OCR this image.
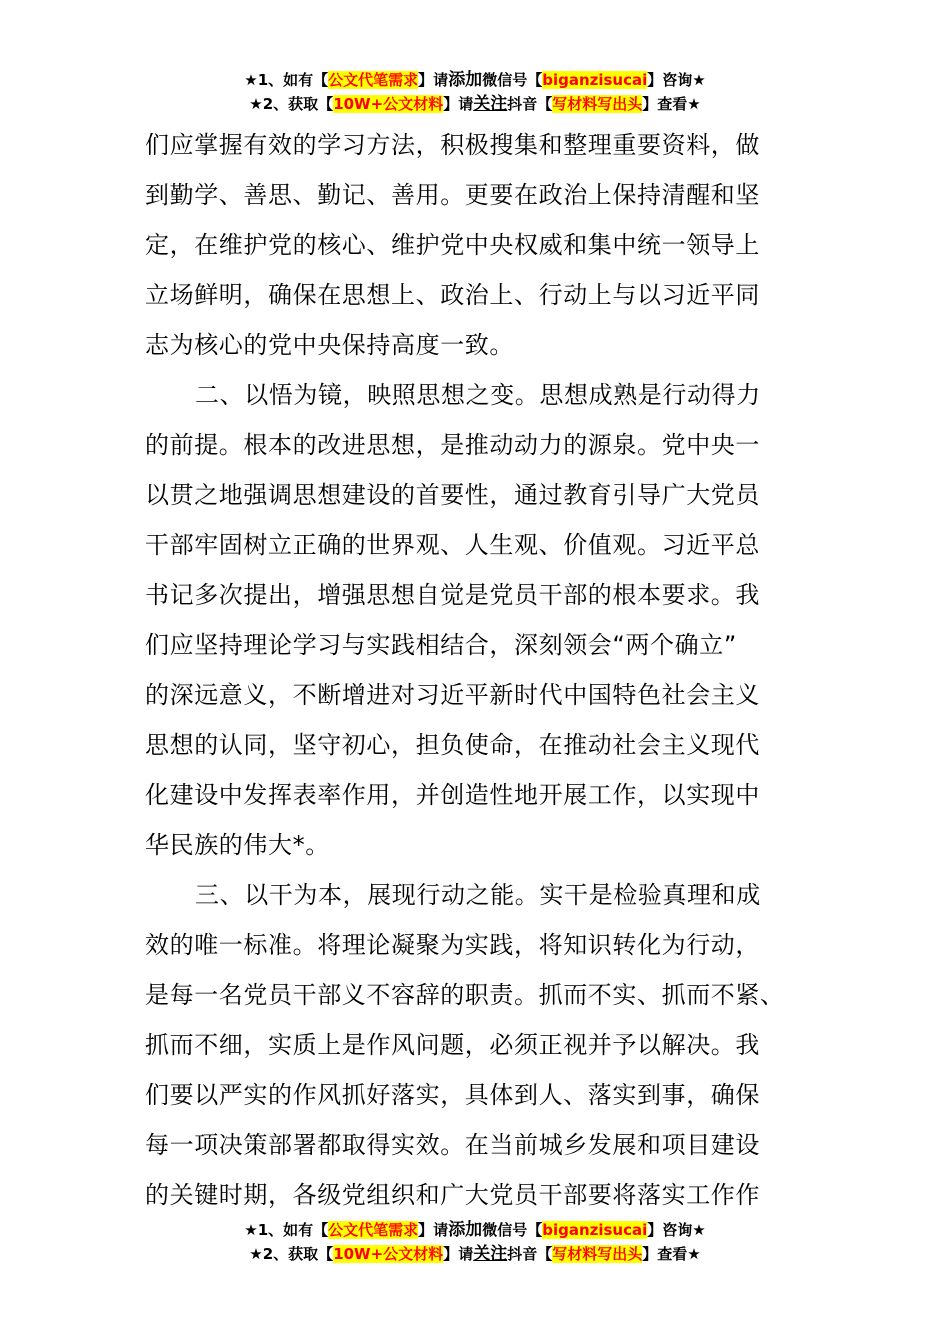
★1、如有【公文代笔需求】请添加微信号【biganzisucai】咨询★
★2、获取【10W+公文材料】请关注抖音【写材料写出头】查看★

们应掌握有效的学习方法，积极搜集和整理重要资料，做

到勤学、善思、勤记、善用。更要在政治上保持清醒和坚

定，在维护党的核心、维护党中央权威和集中统一领导上

立场鲜明，确保在思想上、政治上、行动上与以习近平同

志为核心的党中央保持高度一致。

二、以悟为镜，映照思想之变。思想成熟是行动得力

的前提。根本的改进思想，是推动动力的源泉。党中央一

以贯之地强调思想建设的首要性，通过教育引导广大党员

干部牢固树立正确的世界观、人生观、价值观。习近平总

书记多次提出，增强思想自觉是党员干部的根本要求。我

们应坚持理论学习与实践相结合，深刻领会“两个确立”

的深远意义，不断增进对习近平新时代中国特色社会主义

思想的认同，坚守初心，担负使命，在推动社会主义现代

化建设中发挥表率作用，并创造性地开展工作，以实现中

华民族的伟大*。

三、以干为本，展现行动之能。实干是检验真理和成

效的唯一标准。将理论凝聚为实践，将知识转化为行动，

是每一名党员干部义不容辞的职责。抓而不实、抓而不紧、

抓而不细，实质上是作风问题，必须正视并予以解决。我

们要以严实的作风抓好落实，具体到人、落实到事，确保

每一项决策部署都取得实效。在当前城乡发展和项目建设

的关键时期，各级党组织和广大党员干部要将落实工作作

★1、如有【公文代笔需求】请添加微信号【biganzisucai】咨询★
★2、获取【10W+公文材料】请关注抖音【写材料写出头】查看★
